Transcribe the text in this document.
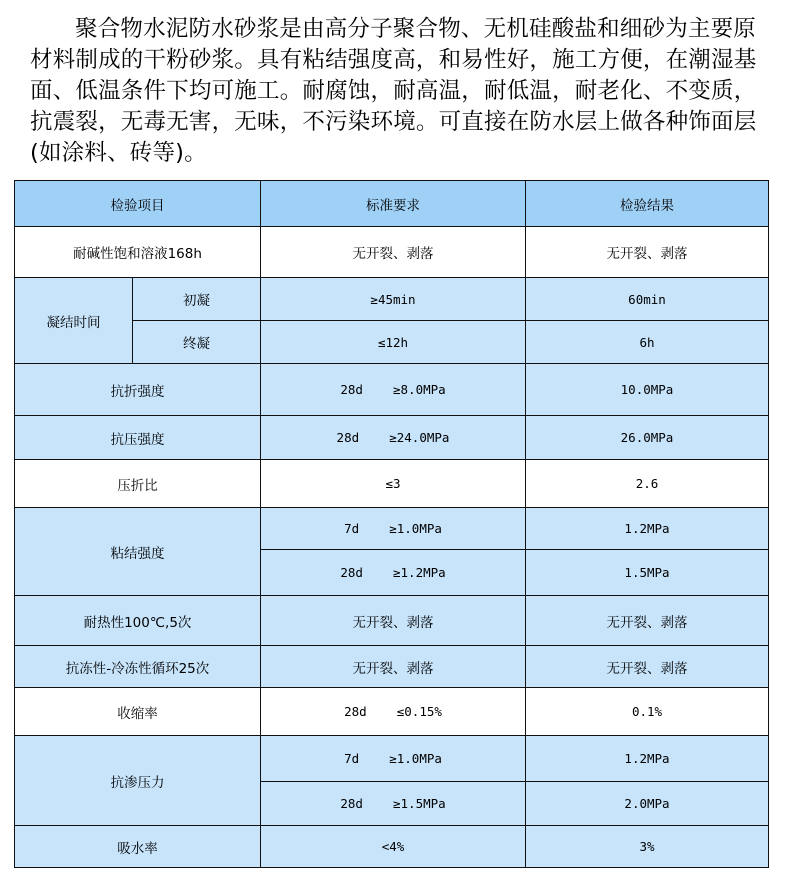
聚合物水泥防水砂浆是由高分子聚合物、无机硅酸盐和细砂为主要原材料制成的干粉砂浆。具有粘结强度高，和易性好，施工方便，在潮湿基面、低温条件下均可施工。耐腐蚀，耐高温，耐低温，耐老化、不变质，抗震裂，无毒无害，无味，不污染环境。可直接在防水层上做各种饰面层(如涂料、砖等)。
检验项目		标准要求	检验结果
耐碱性饱和溶液168h		无开裂、剥落	无开裂、剥落
凝结时间	初凝	≥45min	60min
	终凝	≤12h	6h
抗折强度		28d    ≥8.0MPa	10.0MPa
抗压强度		28d    ≥24.0MPa	26.0MPa
压折比		≤3	2.6
粘结强度		7d    ≥1.0MPa	1.2MPa
		28d    ≥1.2MPa	1.5MPa
耐热性100℃,5次		无开裂、剥落	无开裂、剥落
抗冻性-冷冻性循环25次		无开裂、剥落	无开裂、剥落
收缩率		28d    ≤0.15%	0.1%
抗渗压力		7d    ≥1.0MPa	1.2MPa
		28d    ≥1.5MPa	2.0MPa
吸水率		<4%	3%
